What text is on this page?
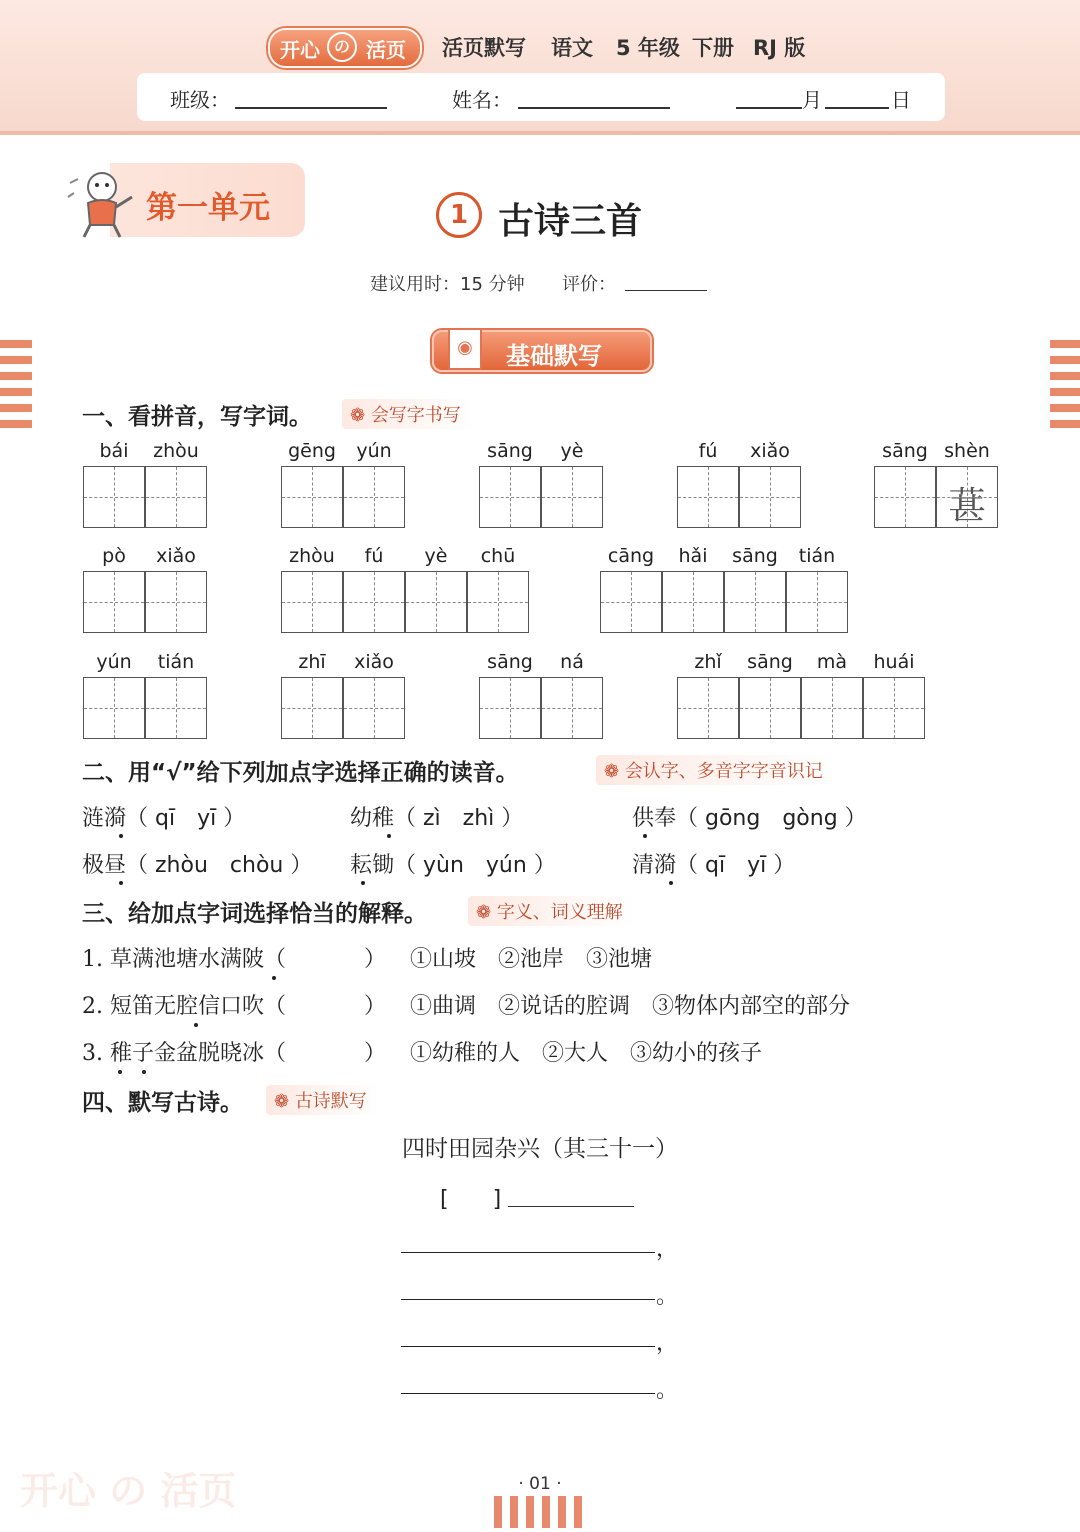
开心 の 活页 活页默写 语文 5 年级 下册 RJ 版
班级：	姓名：	月	日
第一单元	1 古诗三首
建议用时：15 分钟 评价：
◉	基础默写
一、看拼音，写字词。	❁ 会写字书写
bái	zhòu	gēng	yún	sāng	yè	fú	xiǎo	sāng shèn
葚
pò	xiǎo	zhòu	fú	yè	chū	cāng	hǎi	sāng	tián
yún	tián	zhī	xiǎo	sāng	ná	zhǐ	sāng	mà	huái
二、用“√”给下列加点字选择正确的读音。	❁ 会认字、多音字字音识记
涟漪（ qī　yī ）	幼稚（ zì　zhì ）	供奉（ gōng　gòng ）
极昼（ zhòu　chòu ） 耘锄（ yùn　yún ）	清漪（ qī　yī ）
三、给加点字词选择恰当的解释。	❁ 字义、词义理解
1. 草满池塘水满陂（	） ①山坡　②池岸　③池塘
2. 短笛无腔信口吹（	） ①曲调　②说话的腔调　③物体内部空的部分
3. 稚子金盆脱晓冰（	） ①幼稚的人　②大人　③幼小的孩子
四、默写古诗。	❁ 古诗默写
四时田园杂兴（其三十一）
[　　]
，
。
，
。
开心 の 活页	· 01 ·
